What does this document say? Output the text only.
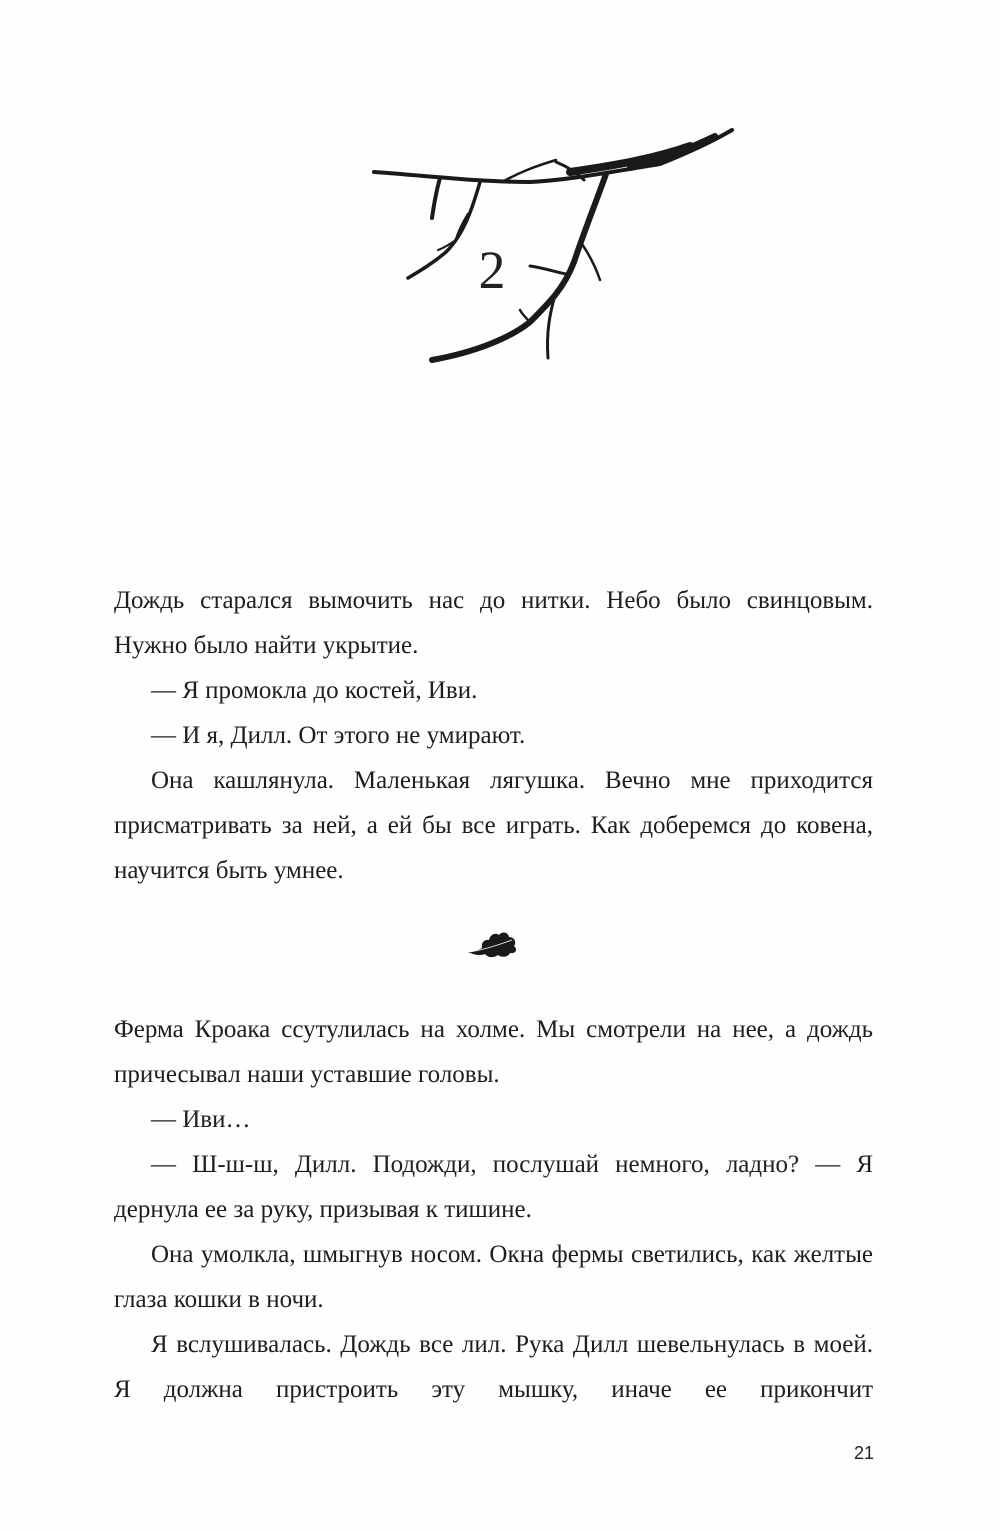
2

Дождь старался вымочить нас до нитки. Небо было свинцовым. Нужно было найти укрытие.

— Я промокла до костей, Иви.

— И я, Дилл. От этого не умирают.

Она кашлянула. Маленькая лягушка. Вечно мне приходится присматривать за ней, а ей бы все играть. Как доберемся до ковена, научится быть умнее.

Ферма Кроака ссутулилась на холме. Мы смотрели на нее, а дождь причесывал наши уставшие головы.

— Иви…

— Ш-ш-ш, Дилл. Подожди, послушай немного, ладно? — Я дернула ее за руку, призывая к тишине.

Она умолкла, шмыгнув носом. Окна фермы светились, как желтые глаза кошки в ночи.

Я вслушивалась. Дождь все лил. Рука Дилл шевельнулась в моей. Я должна пристроить эту мышку, иначе ее прикончит

21
